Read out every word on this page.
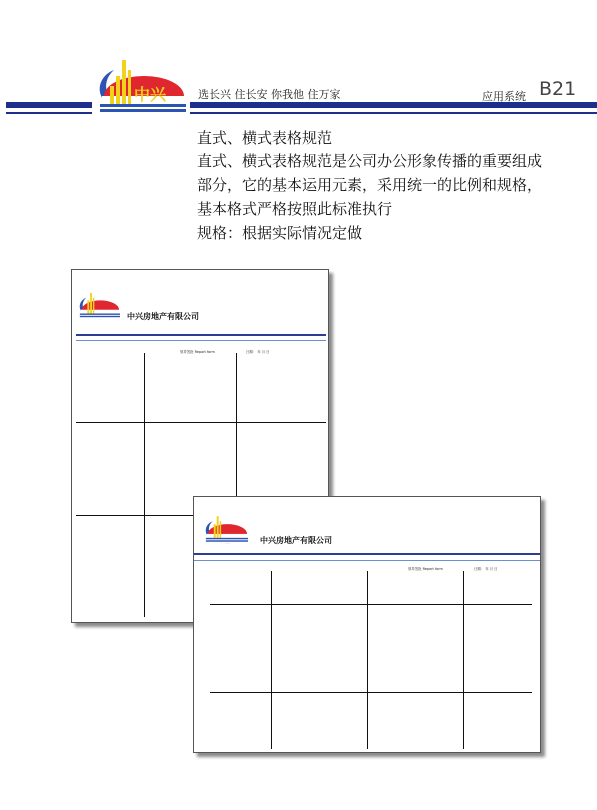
中兴	选长兴 住长安 你我他 住万家	应用系统 B21
直式、横式表格规范
直式、横式表格规范是公司办公形象传播的重要组成
部分，它的基本运用元素，采用统一的比例和规格，
基本格式严格按照此标准执行
规格：根据实际情况定做
中兴房地产有限公司
领导签批 Report form	日期： 年 月 日
中兴房地产有限公司
领导签批 Report form	日期： 年 月 日
